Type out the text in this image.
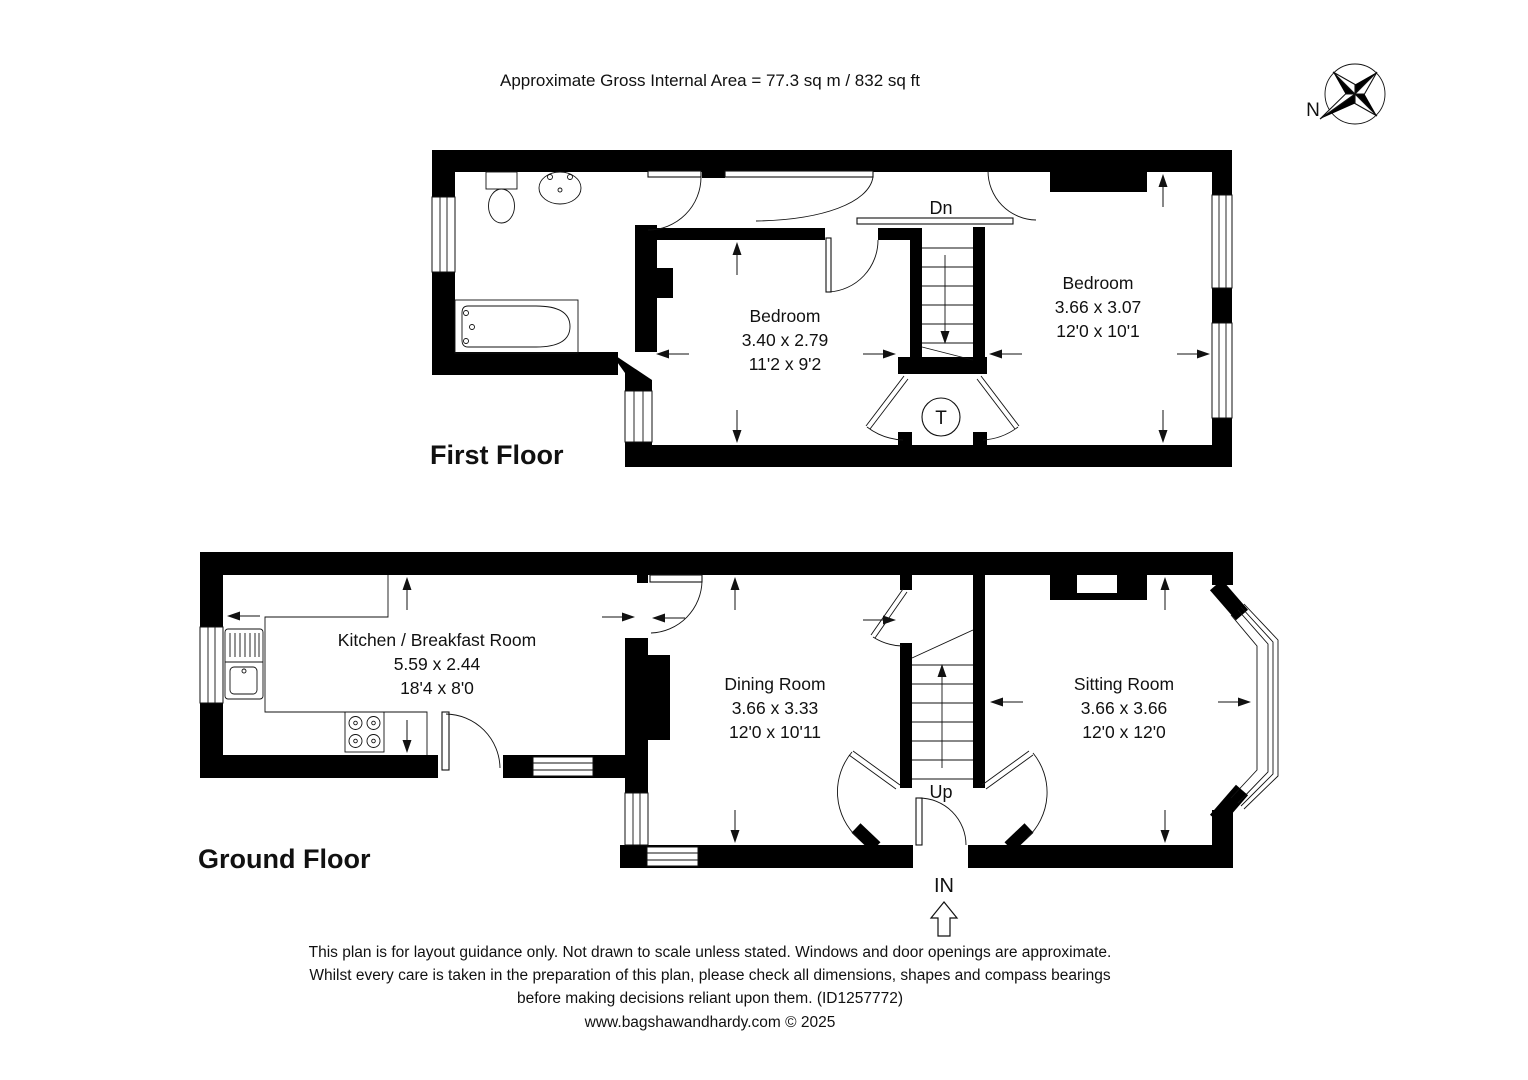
Approximate Gross Internal Area = 77.3 sq m / 832 sq ft
N
Dn
T
Bedroom
3.40 x 2.79
11'2 x 9'2
Bedroom
3.66 x 3.07
12'0 x 10'1
First Floor
Up
IN
Kitchen / Breakfast Room
5.59 x 2.44
18'4 x 8'0	Dining Room
3.66 x 3.33
12'0 x 10'11
Sitting Room
3.66 x 3.66
12'0 x 12'0
Ground Floor
This plan is for layout guidance only. Not drawn to scale unless stated. Windows and door openings are approximate.
Whilst every care is taken in the preparation of this plan, please check all dimensions, shapes and compass bearings
before making decisions reliant upon them. (ID1257772)
www.bagshawandhardy.com © 2025
